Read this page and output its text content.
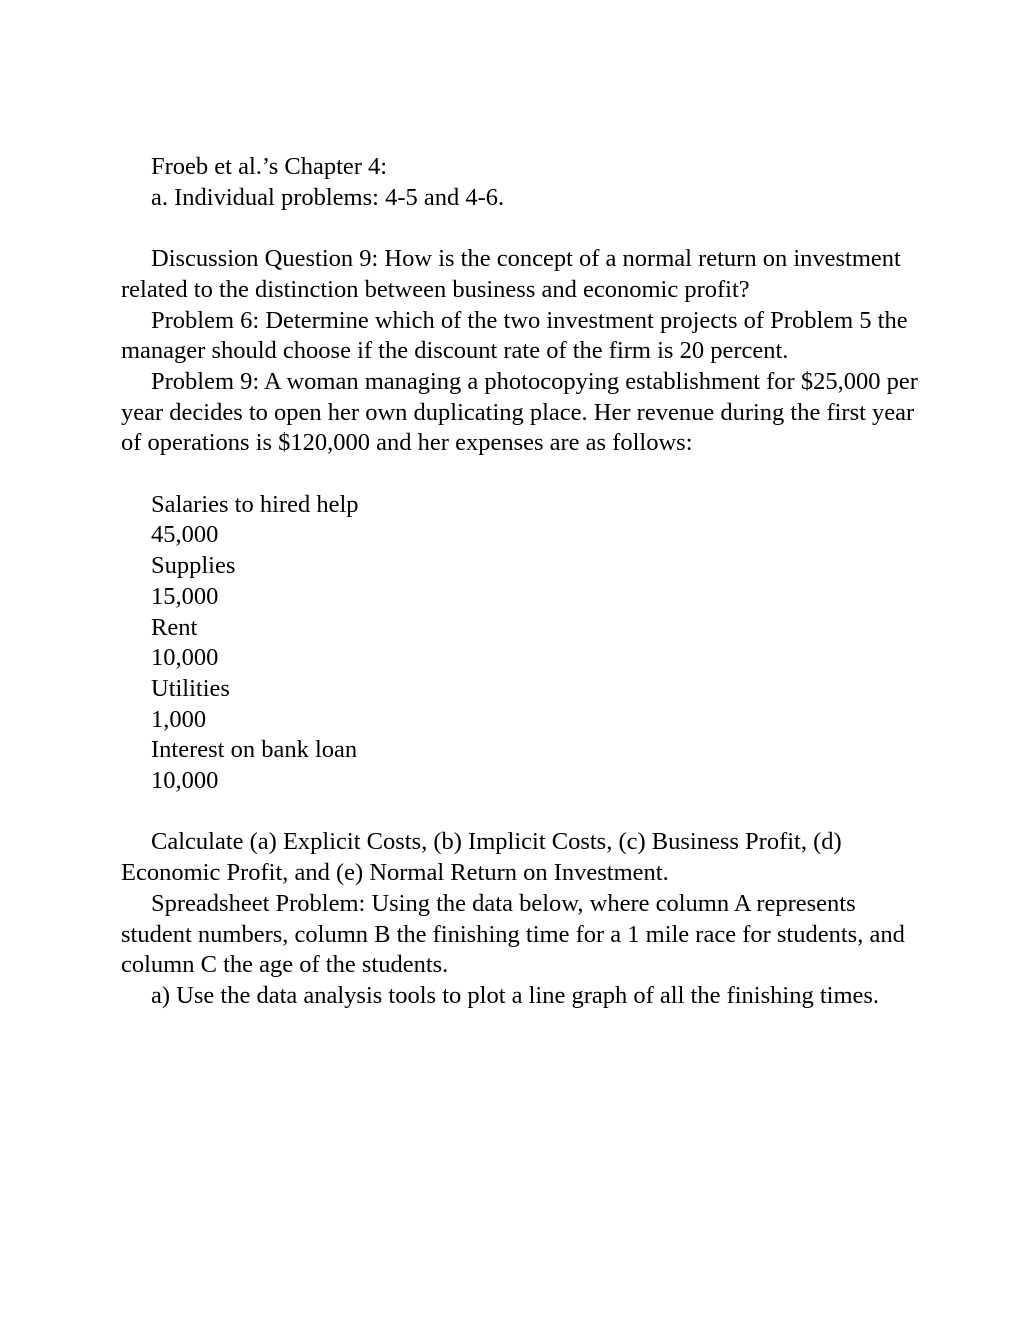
Froeb et al.’s Chapter 4:

a. Individual problems: 4-5 and 4-6.

Discussion Question 9: How is the concept of a normal return on investment related to the distinction between business and economic profit?

Problem 6: Determine which of the two investment projects of Problem 5 the manager should choose if the discount rate of the firm is 20 percent.

Problem 9: A woman managing a photocopying establishment for $25,000 per year decides to open her own duplicating place. Her revenue during the first year of operations is $120,000 and her expenses are as follows:

Salaries to hired help
45,000
Supplies
15,000
Rent
10,000
Utilities
1,000
Interest on bank loan
10,000

Calculate (a) Explicit Costs, (b) Implicit Costs, (c) Business Profit, (d) Economic Profit, and (e) Normal Return on Investment.

Spreadsheet Problem: Using the data below, where column A represents student numbers, column B the finishing time for a 1 mile race for students, and column C the age of the students.

a) Use the data analysis tools to plot a line graph of all the finishing times.
